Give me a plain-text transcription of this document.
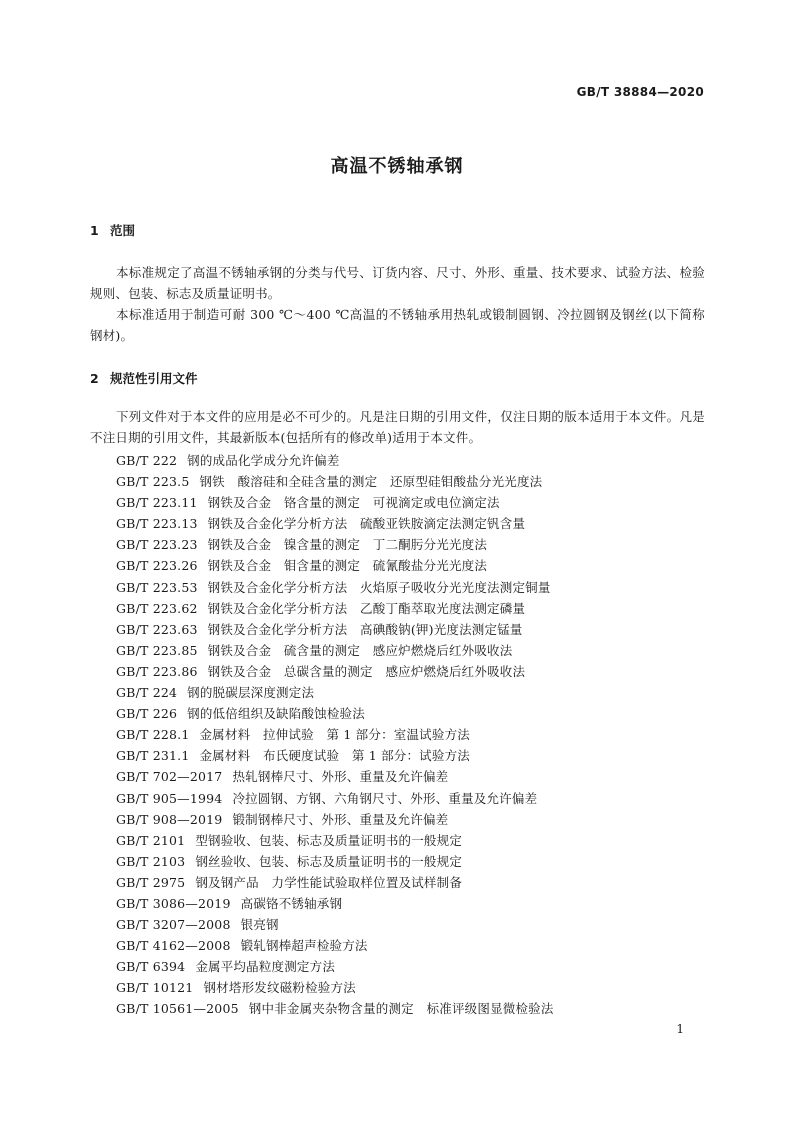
GB/T 38884—2020
高温不锈轴承钢
1 范围
本标准规定了高温不锈轴承钢的分类与代号、订货内容、尺寸、外形、重量、技术要求、试验方法、检验规则、包装、标志及质量证明书。
本标准适用于制造可耐 300 ℃～400 ℃高温的不锈轴承用热轧或锻制圆钢、冷拉圆钢及钢丝(以下简称钢材)。
2 规范性引用文件
下列文件对于本文件的应用是必不可少的。凡是注日期的引用文件，仅注日期的版本适用于本文件。凡是不注日期的引用文件，其最新版本(包括所有的修改单)适用于本文件。
GB/T 222 钢的成品化学成分允许偏差
GB/T 223.5 钢铁　酸溶硅和全硅含量的测定　还原型硅钼酸盐分光光度法
GB/T 223.11 钢铁及合金　铬含量的测定　可视滴定或电位滴定法
GB/T 223.13 钢铁及合金化学分析方法　硫酸亚铁胺滴定法测定钒含量
GB/T 223.23 钢铁及合金　镍含量的测定　丁二酮肟分光光度法
GB/T 223.26 钢铁及合金　钼含量的测定　硫氰酸盐分光光度法
GB/T 223.53 钢铁及合金化学分析方法　火焰原子吸收分光光度法测定铜量
GB/T 223.62 钢铁及合金化学分析方法　乙酸丁酯萃取光度法测定磷量
GB/T 223.63 钢铁及合金化学分析方法　高碘酸钠(钾)光度法测定锰量
GB/T 223.85 钢铁及合金　硫含量的测定　感应炉燃烧后红外吸收法
GB/T 223.86 钢铁及合金　总碳含量的测定　感应炉燃烧后红外吸收法
GB/T 224 钢的脱碳层深度测定法
GB/T 226 钢的低倍组织及缺陷酸蚀检验法
GB/T 228.1 金属材料　拉伸试验　第 1 部分：室温试验方法
GB/T 231.1 金属材料　布氏硬度试验　第 1 部分：试验方法
GB/T 702—2017 热轧钢棒尺寸、外形、重量及允许偏差
GB/T 905—1994 冷拉圆钢、方钢、六角钢尺寸、外形、重量及允许偏差
GB/T 908—2019 锻制钢棒尺寸、外形、重量及允许偏差
GB/T 2101 型钢验收、包装、标志及质量证明书的一般规定
GB/T 2103 钢丝验收、包装、标志及质量证明书的一般规定
GB/T 2975 钢及钢产品　力学性能试验取样位置及试样制备
GB/T 3086—2019 高碳铬不锈轴承钢
GB/T 3207—2008 银亮钢
GB/T 4162—2008 锻轧钢棒超声检验方法
GB/T 6394 金属平均晶粒度测定方法
GB/T 10121 钢材塔形发纹磁粉检验方法
GB/T 10561—2005 钢中非金属夹杂物含量的测定　标准评级图显微检验法
1
